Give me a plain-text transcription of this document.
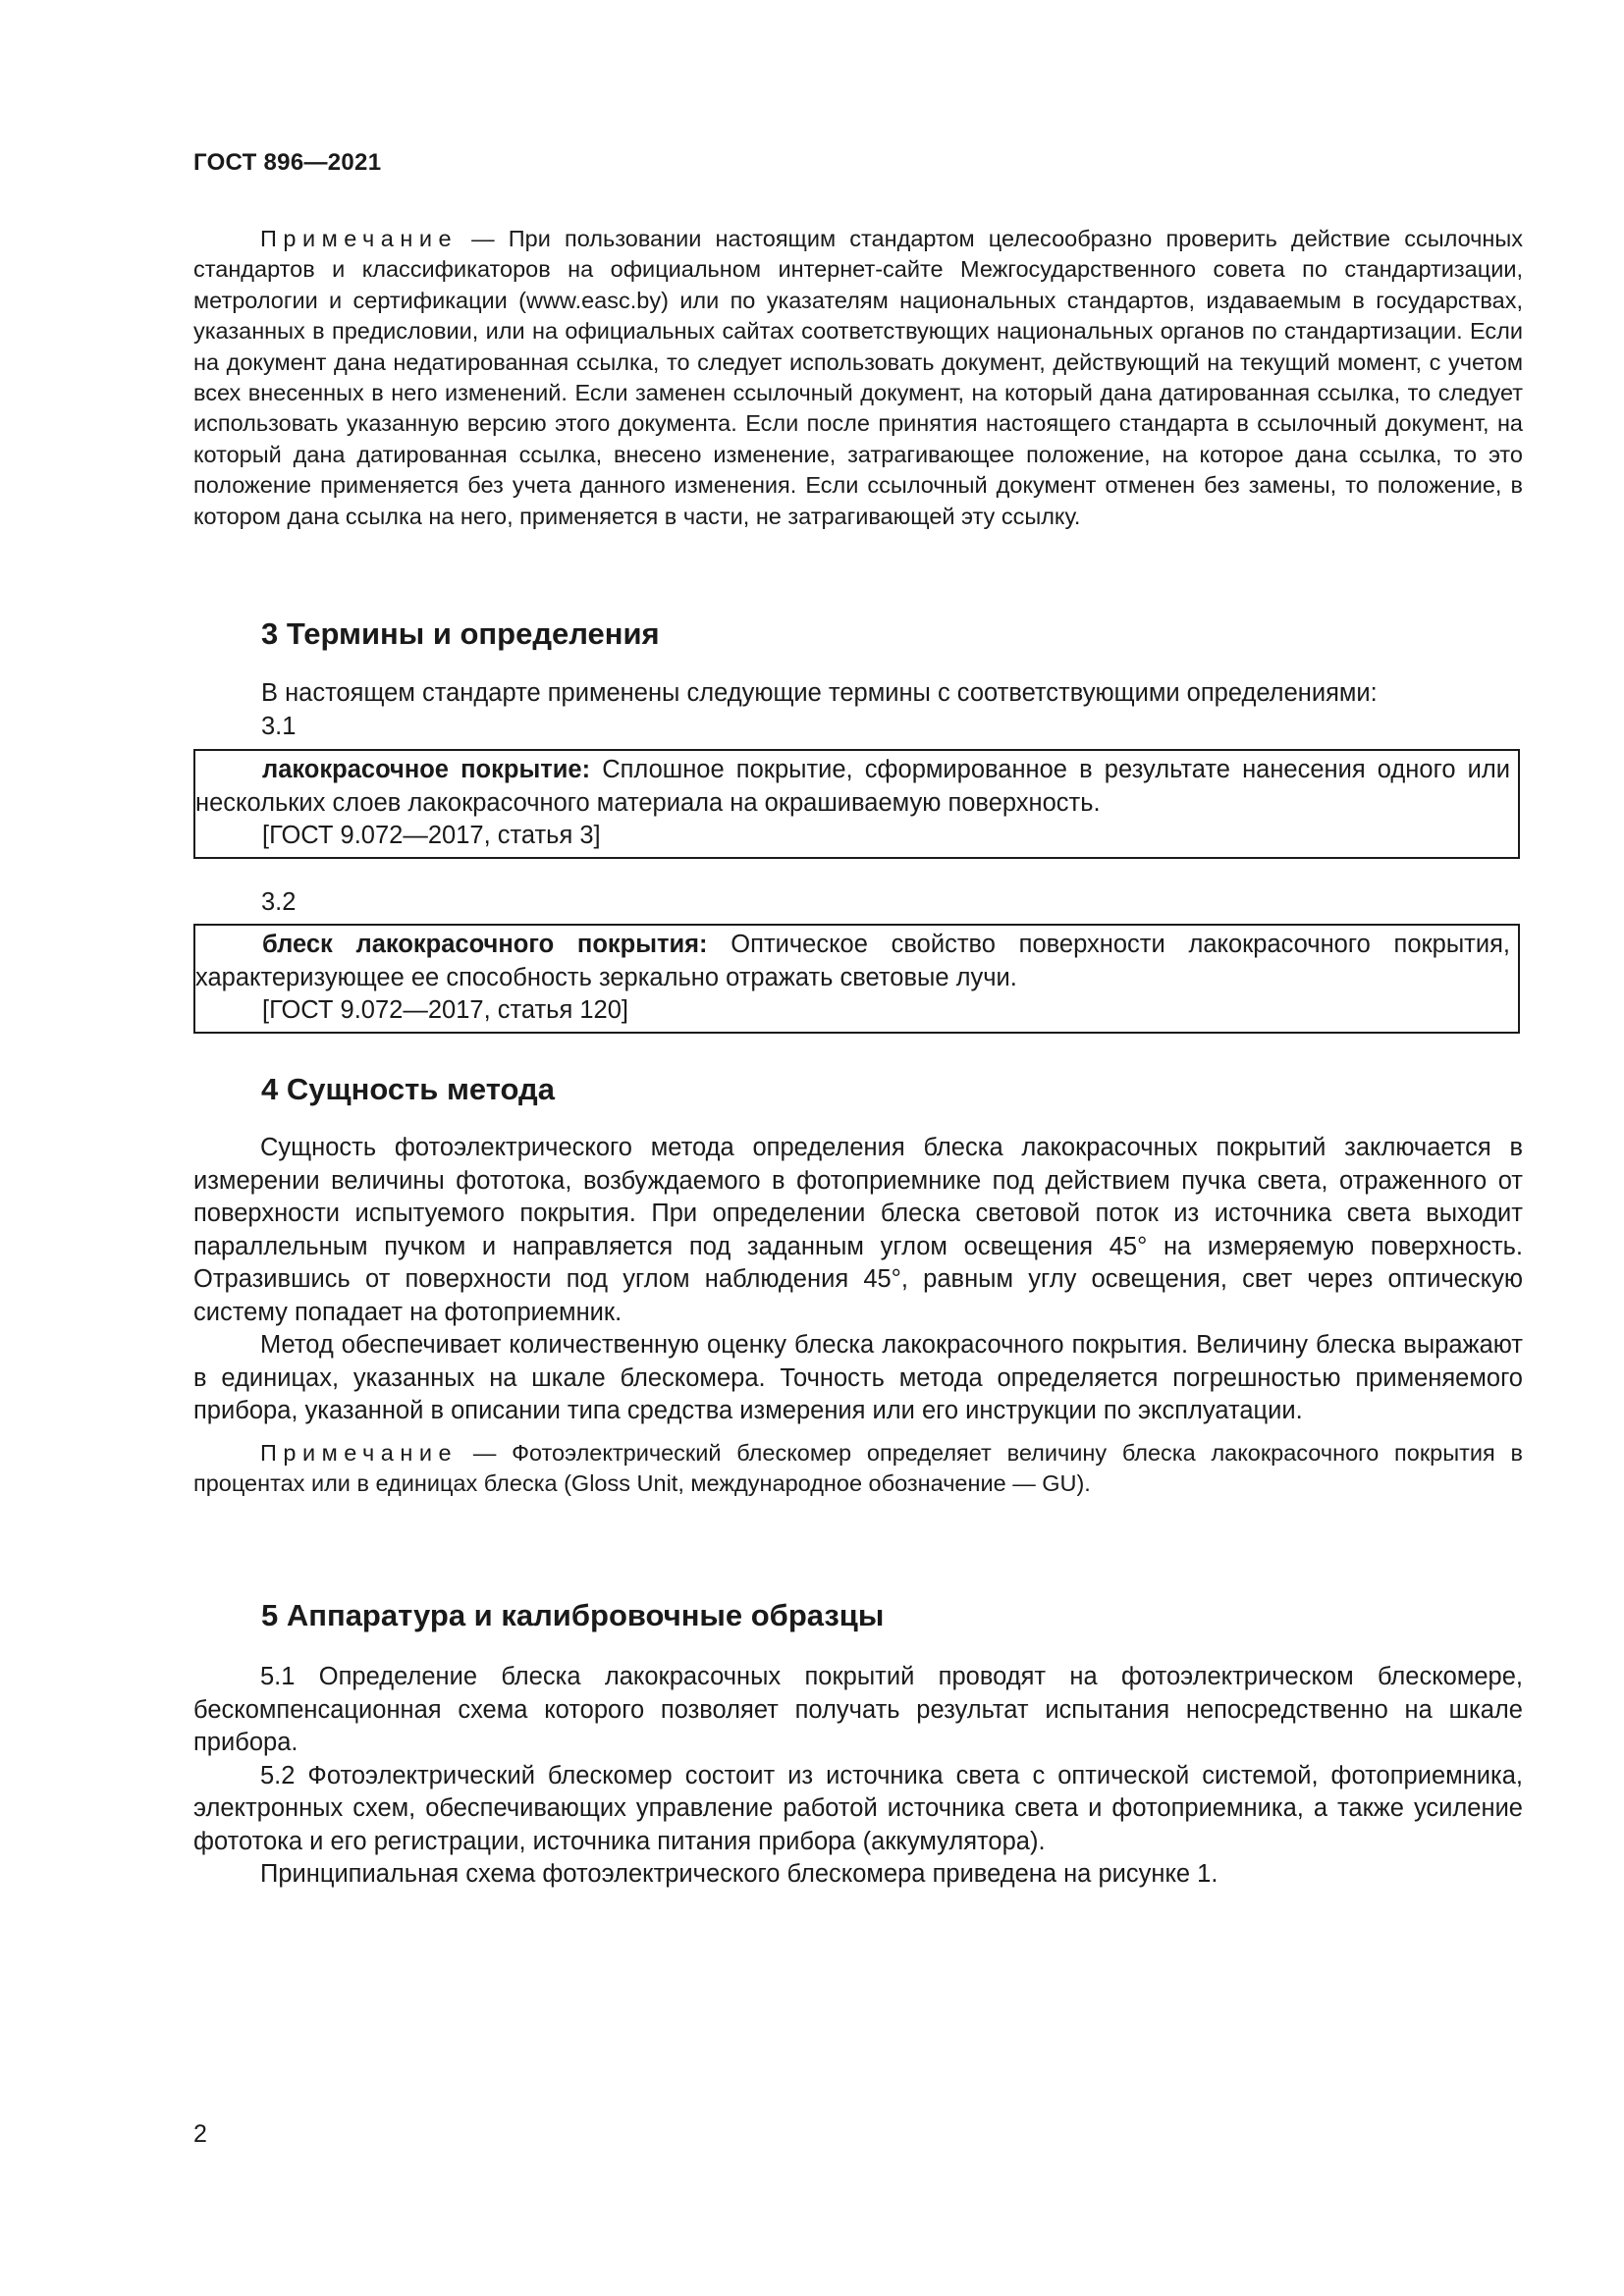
ГОСТ 896—2021

Примечание — При пользовании настоящим стандартом целесообразно проверить действие ссылочных стандартов и классификаторов на официальном интернет-сайте Межгосударственного совета по стандартизации, метрологии и сертификации (www.easc.by) или по указателям национальных стандартов, издаваемым в государствах, указанных в предисловии, или на официальных сайтах соответствующих национальных органов по стандартизации. Если на документ дана недатированная ссылка, то следует использовать документ, действующий на текущий момент, с учетом всех внесенных в него изменений. Если заменен ссылочный документ, на который дана датированная ссылка, то следует использовать указанную версию этого документа. Если после принятия настоящего стандарта в ссылочный документ, на который дана датированная ссылка, внесено изменение, затрагивающее положение, на которое дана ссылка, то это положение применяется без учета данного изменения. Если ссылочный документ отменен без замены, то положение, в котором дана ссылка на него, применяется в части, не затрагивающей эту ссылку.

3 Термины и определения

В настоящем стандарте применены следующие термины с соответствующими определениями:

3.1

лакокрасочное покрытие: Сплошное покрытие, сформированное в результате нанесения одного или нескольких слоев лакокрасочного материала на окрашиваемую поверхность.

[ГОСТ 9.072—2017, статья 3]

3.2

блеск лакокрасочного покрытия: Оптическое свойство поверхности лакокрасочного покрытия, характеризующее ее способность зеркально отражать световые лучи.

[ГОСТ 9.072—2017, статья 120]

4 Сущность метода

Сущность фотоэлектрического метода определения блеска лакокрасочных покрытий заключается в измерении величины фототока, возбуждаемого в фотоприемнике под действием пучка света, отраженного от поверхности испытуемого покрытия. При определении блеска световой поток из источника света выходит параллельным пучком и направляется под заданным углом освещения 45° на измеряемую поверхность. Отразившись от поверхности под углом наблюдения 45°, равным углу освещения, свет через оптическую систему попадает на фотоприемник.

Метод обеспечивает количественную оценку блеска лакокрасочного покрытия. Величину блеска выражают в единицах, указанных на шкале блескомера. Точность метода определяется погрешностью применяемого прибора, указанной в описании типа средства измерения или его инструкции по эксплуатации.

Примечание — Фотоэлектрический блескомер определяет величину блеска лакокрасочного покрытия в процентах или в единицах блеска (Gloss Unit, международное обозначение — GU).

5 Аппаратура и калибровочные образцы

5.1 Определение блеска лакокрасочных покрытий проводят на фотоэлектрическом блескомере, бескомпенсационная схема которого позволяет получать результат испытания непосредственно на шкале прибора.

5.2 Фотоэлектрический блескомер состоит из источника света с оптической системой, фотоприемника, электронных схем, обеспечивающих управление работой источника света и фотоприемника, а также усиление фототока и его регистрации, источника питания прибора (аккумулятора).

Принципиальная схема фотоэлектрического блескомера приведена на рисунке 1.

2
